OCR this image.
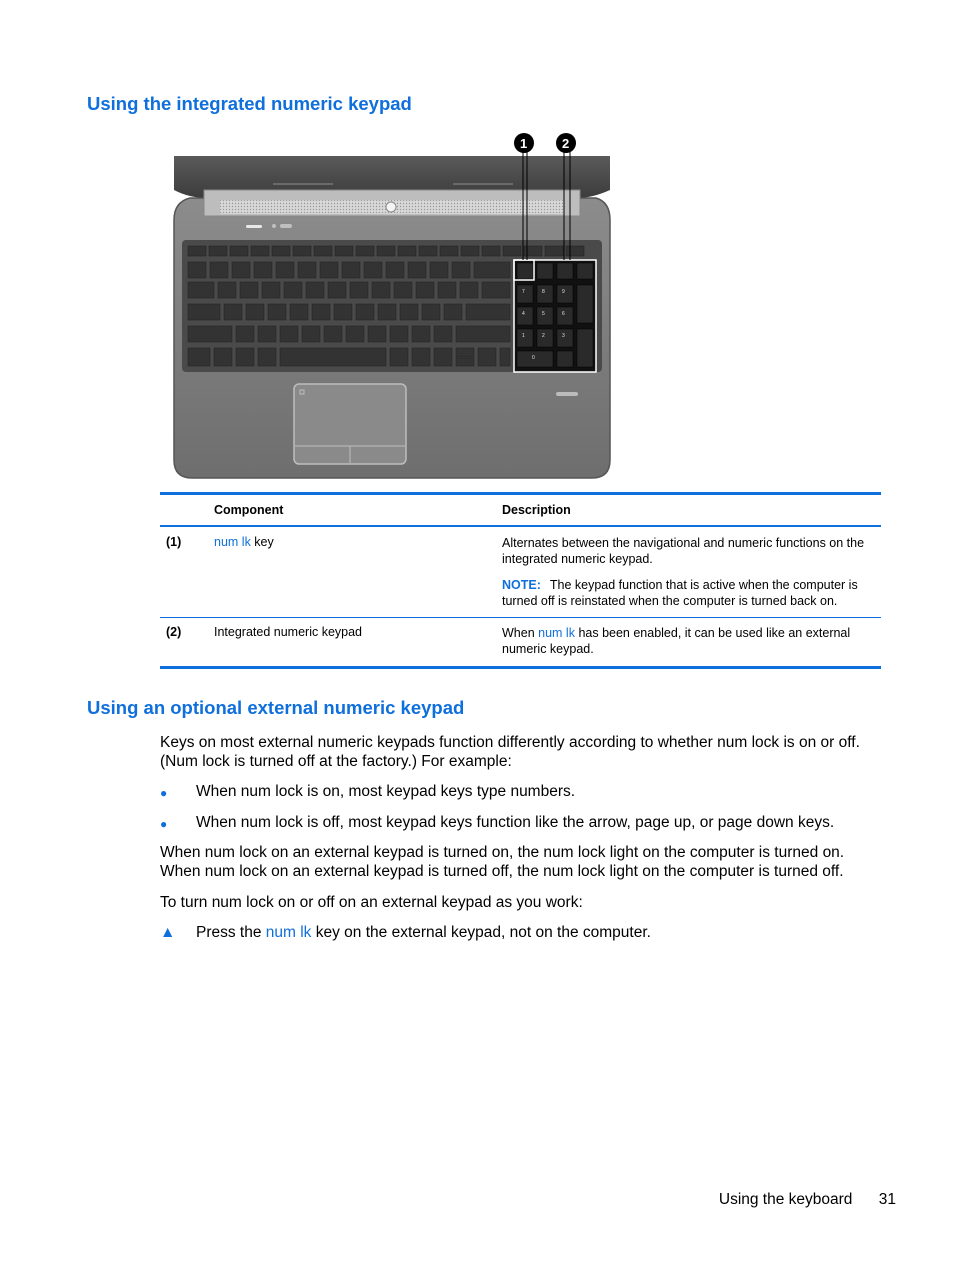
Using the integrated numeric keypad
7	8	9
4	5	6
1	2	3
0
1	2
	Component	Description
(1)	num lk key	Alternates between the navigational and numeric functions on the integrated numeric keypad.

NOTE: The keypad function that is active when the computer is turned off is reinstated when the computer is turned back on.

(2)	Integrated numeric keypad	When num lk has been enabled, it can be used like an external numeric keypad.

Using an optional external numeric keypad

Keys on most external numeric keypads function differently according to whether num lock is on or off. (Num lock is turned off at the factory.) For example:

● When num lock is on, most keypad keys type numbers.
● When num lock is off, most keypad keys function like the arrow, page up, or page down keys.

When num lock on an external keypad is turned on, the num lock light on the computer is turned on. When num lock on an external keypad is turned off, the num lock light on the computer is turned off.

To turn num lock on or off on an external keypad as you work:

▲ Press the num lk key on the external keypad, not on the computer.
Using the keyboard 31
